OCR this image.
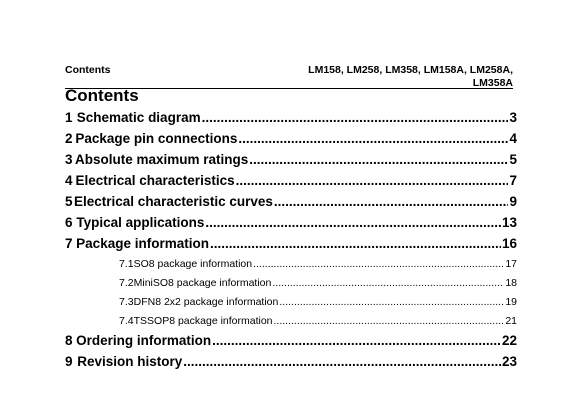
Contents	LM158, LM258, LM358, LM158A, LM258A,
LM358A
Contents
1 Schematic diagram .....	3
2 Package pin connections .....	4
3 Absolute maximum ratings .....	5
4 Electrical characteristics .....	7
5 Electrical characteristic curves .....	9
6 Typical applications .....	13
7 Package information .....	16
7.1 SO8 package information .....	17
7.2 MiniSO8 package information .....	18
7.3 DFN8 2x2 package information .....	19
7.4 TSSOP8 package information .....	21
8 Ordering information .....	22
9 Revision history .....	23
